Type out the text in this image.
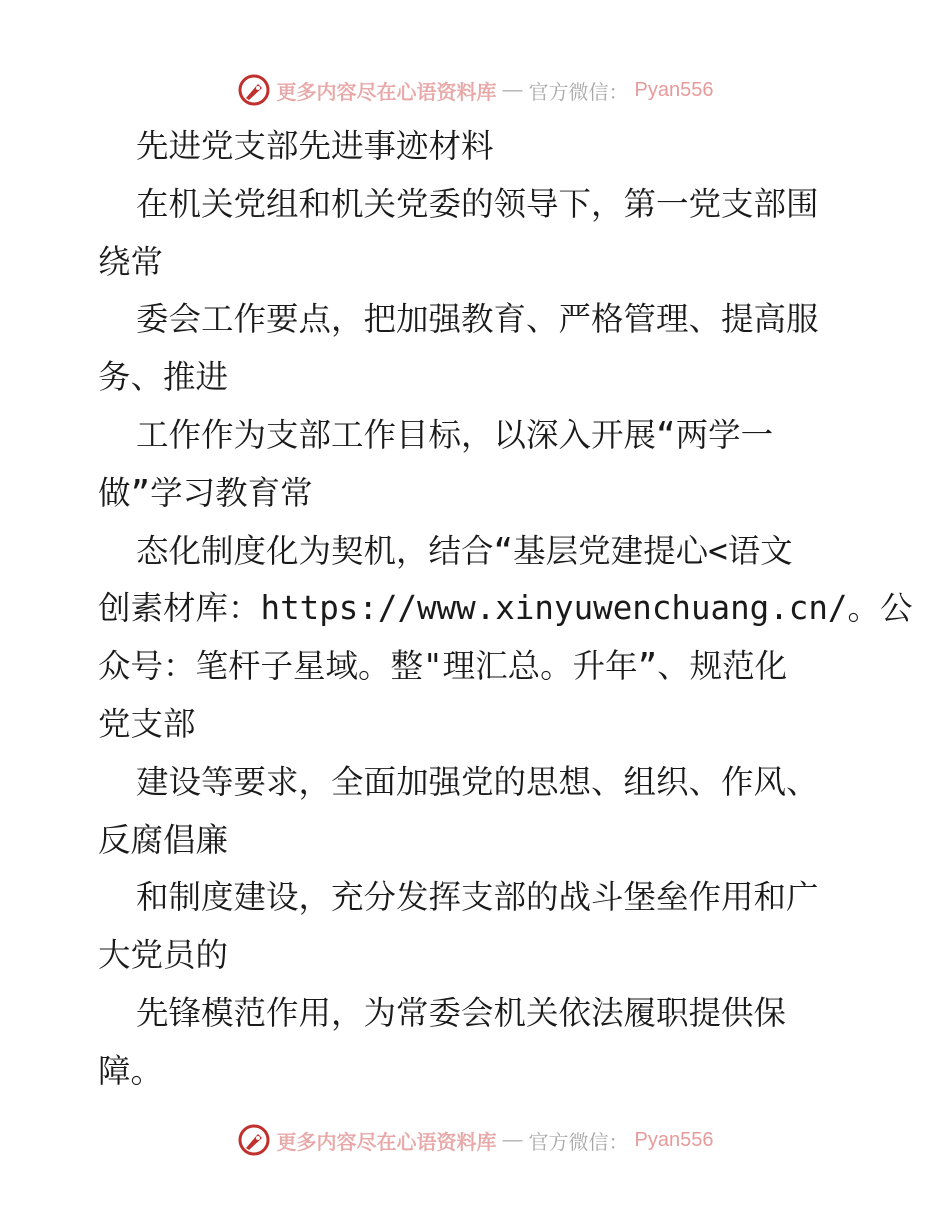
更多内容尽在心语资料库 — 官方微信： Pyan556
先进党支部先进事迹材料
在机关党组和机关党委的领导下，第一党支部围
绕常
委会工作要点，把加强教育、严格管理、提高服
务、推进
工作作为支部工作目标，以深入开展“两学一
做”学习教育常
态化制度化为契机，结合“基层党建提心<语文
创素材库：https://www.xinyuwenchuang.cn/。公
众号：笔杆子星域。整"理汇总。升年”、规范化
党支部
建设等要求，全面加强党的思想、组织、作风、
反腐倡廉
和制度建设，充分发挥支部的战斗堡垒作用和广
大党员的
先锋模范作用，为常委会机关依法履职提供保
障。
更多内容尽在心语资料库 — 官方微信： Pyan556
